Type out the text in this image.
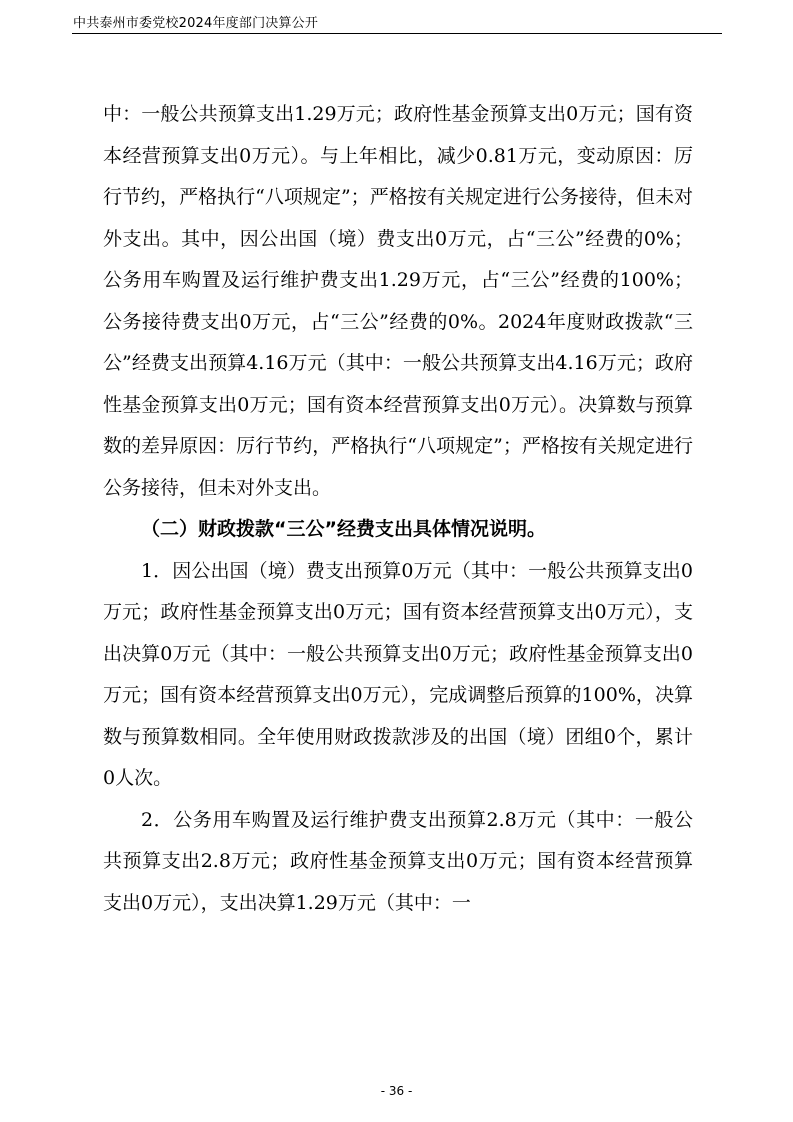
中共泰州市委党校2024年度部门决算公开

中：一般公共预算支出1.29万元；政府性基金预算支出0万元；国有资本经营预算支出0万元）。与上年相比，减少0.81万元，变动原因：厉行节约，严格执行“八项规定”；严格按有关规定进行公务接待，但未对外支出。其中，因公出国（境）费支出0万元，占“三公”经费的0%；公务用车购置及运行维护费支出1.29万元，占“三公”经费的100%；公务接待费支出0万元，占“三公”经费的0%。2024年度财政拨款“三公”经费支出预算4.16万元（其中：一般公共预算支出4.16万元；政府性基金预算支出0万元；国有资本经营预算支出0万元）。决算数与预算数的差异原因：厉行节约，严格执行“八项规定”；严格按有关规定进行公务接待，但未对外支出。

（二）财政拨款“三公”经费支出具体情况说明。

1．因公出国（境）费支出预算0万元（其中：一般公共预算支出0万元；政府性基金预算支出0万元；国有资本经营预算支出0万元），支出决算0万元（其中：一般公共预算支出0万元；政府性基金预算支出0万元；国有资本经营预算支出0万元），完成调整后预算的100%，决算数与预算数相同。全年使用财政拨款涉及的出国（境）团组0个，累计0人次。

2．公务用车购置及运行维护费支出预算2.8万元（其中：一般公共预算支出2.8万元；政府性基金预算支出0万元；国有资本经营预算支出0万元），支出决算1.29万元（其中：一

- 36 -
